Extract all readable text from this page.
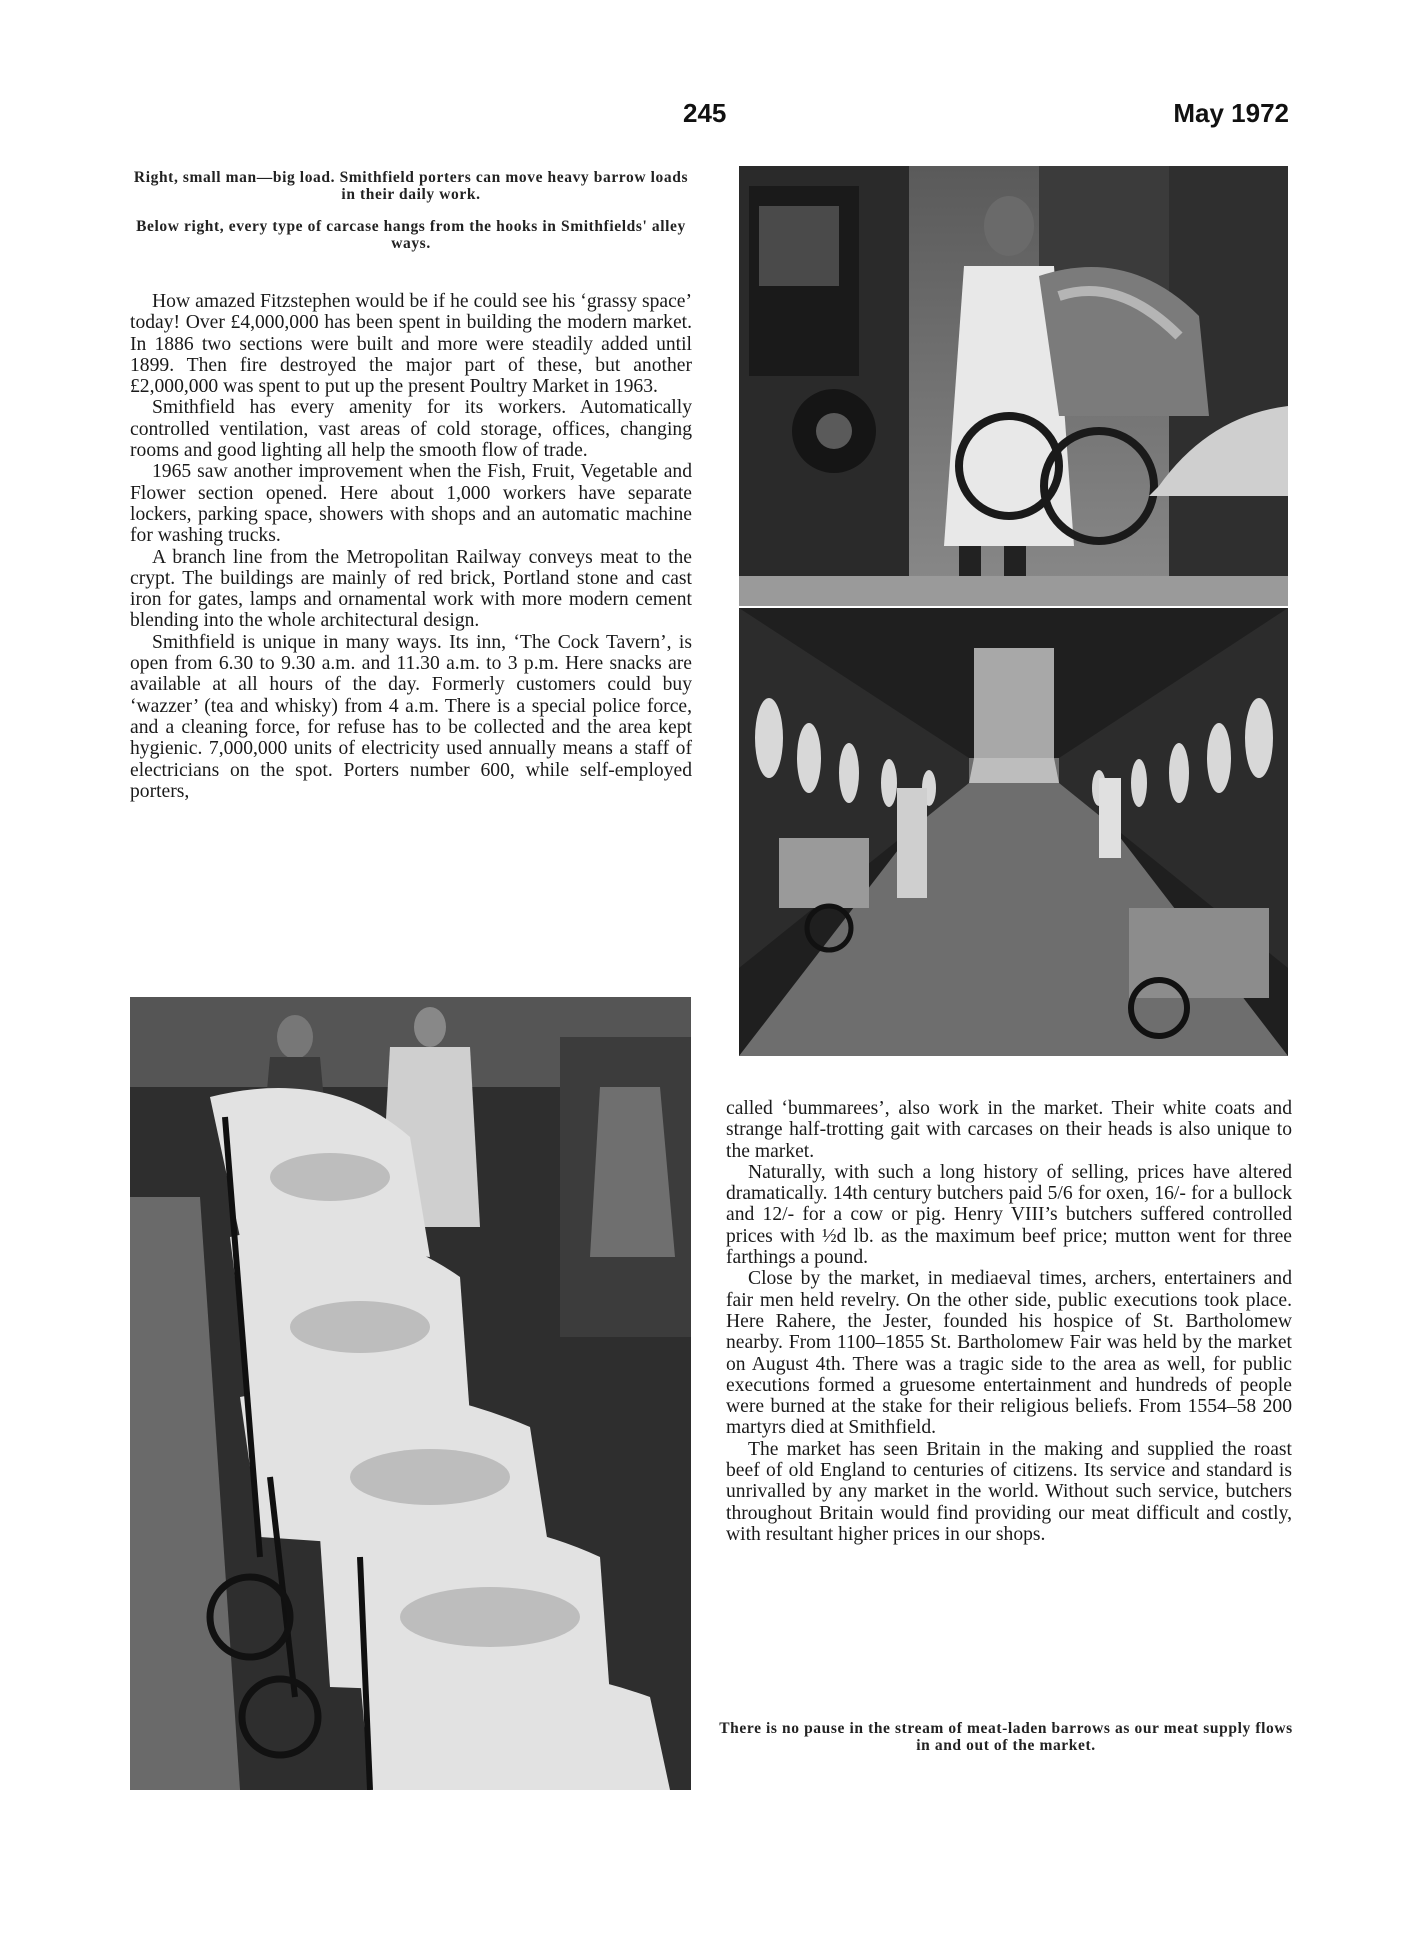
245	May 1972
Right, small man—big load. Smithfield porters can move heavy barrow loads in their daily work.
Below right, every type of carcase hangs from the hooks in Smithfields' alley ways.

How amazed Fitzstephen would be if he could see his ‘grassy space’ today! Over £4,000,000 has been spent in building the modern market. In 1886 two sections were built and more were steadily added until 1899. Then fire destroyed the major part of these, but another £2,000,000 was spent to put up the present Poultry Market in 1963.

Smithfield has every amenity for its workers. Automatically controlled ventilation, vast areas of cold storage, offices, changing rooms and good lighting all help the smooth flow of trade.

1965 saw another improvement when the Fish, Fruit, Vegetable and Flower section opened. Here about 1,000 workers have separate lockers, parking space, showers with shops and an automatic machine for washing trucks.

A branch line from the Metropolitan Railway conveys meat to the crypt. The buildings are mainly of red brick, Portland stone and cast iron for gates, lamps and ornamental work with more modern cement blending into the whole architectural design.

Smithfield is unique in many ways. Its inn, ‘The Cock Tavern’, is open from 6.30 to 9.30 a.m. and 11.30 a.m. to 3 p.m. Here snacks are available at all hours of the day. Formerly customers could buy ‘wazzer’ (tea and whisky) from 4 a.m. There is a special police force, and a cleaning force, for refuse has to be collected and the area kept hygienic. 7,000,000 units of electricity used annually means a staff of electricians on the spot. Porters number 600, while self-employed porters,

called ‘bummarees’, also work in the market. Their white coats and strange half-trotting gait with carcases on their heads is also unique to the market.

Naturally, with such a long history of selling, prices have altered dramatically. 14th century butchers paid 5/6 for oxen, 16/- for a bullock and 12/- for a cow or pig. Henry VIII’s butchers suffered controlled prices with ½d lb. as the maximum beef price; mutton went for three farthings a pound.

Close by the market, in mediaeval times, archers, entertainers and fair men held revelry. On the other side, public executions took place. Here Rahere, the Jester, founded his hospice of St. Bartholomew nearby. From 1100–1855 St. Bartholomew Fair was held by the market on August 4th. There was a tragic side to the area as well, for public executions formed a gruesome entertainment and hundreds of people were burned at the stake for their religious beliefs. From 1554–58 200 martyrs died at Smithfield.

The market has seen Britain in the making and supplied the roast beef of old England to centuries of citizens. Its service and standard is unrivalled by any market in the world. Without such service, butchers throughout Britain would find providing our meat difficult and costly, with resultant higher prices in our shops.

There is no pause in the stream of meat-laden barrows as our meat supply flows in and out of the market.
